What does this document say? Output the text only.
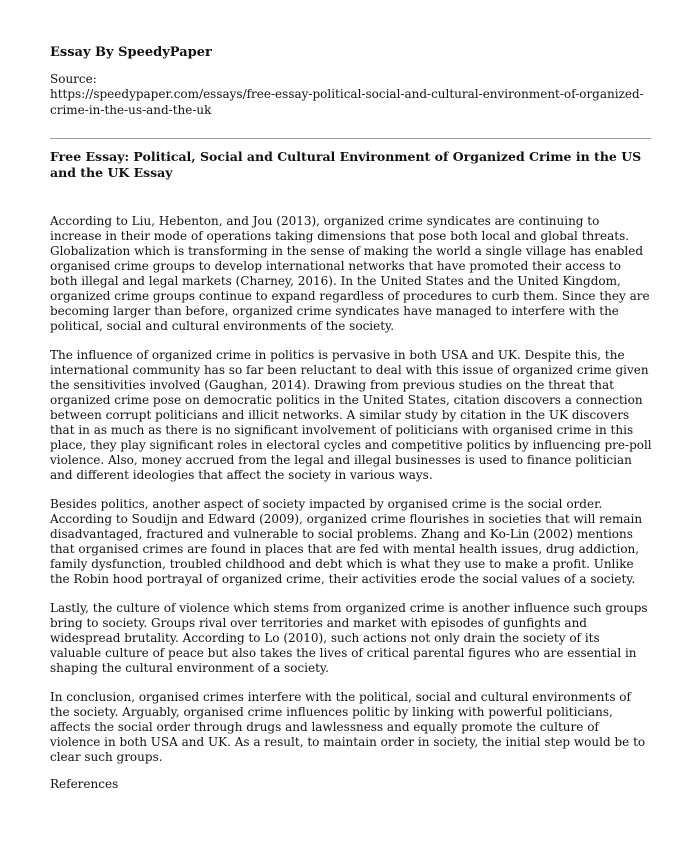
Essay By SpeedyPaper
Source:
https://speedypaper.com/essays/free-essay-political-social-and-cultural-environment-of-organized-crime-in-the-us-and-the-uk
Free Essay: Political, Social and Cultural Environment of Organized Crime in the US and the UK Essay

According to Liu, Hebenton, and Jou (2013), organized crime syndicates are continuing to increase in their mode of operations taking dimensions that pose both local and global threats. Globalization which is transforming in the sense of making the world a single village has enabled organised crime groups to develop international networks that have promoted their access to both illegal and legal markets (Charney, 2016). In the United States and the United Kingdom, organized crime groups continue to expand regardless of procedures to curb them. Since they are becoming larger than before, organized crime syndicates have managed to interfere with the political, social and cultural environments of the society.

The influence of organized crime in politics is pervasive in both USA and UK. Despite this, the international community has so far been reluctant to deal with this issue of organized crime given the sensitivities involved (Gaughan, 2014). Drawing from previous studies on the threat that organized crime pose on democratic politics in the United States, citation discovers a connection between corrupt politicians and illicit networks. A similar study by citation in the UK discovers that in as much as there is no significant involvement of politicians with organised crime in this place, they play significant roles in electoral cycles and competitive politics by influencing pre-poll violence. Also, money accrued from the legal and illegal businesses is used to finance politician and different ideologies that affect the society in various ways.

Besides politics, another aspect of society impacted by organised crime is the social order. According to Soudijn and Edward (2009), organized crime flourishes in societies that will remain disadvantaged, fractured and vulnerable to social problems. Zhang and Ko-Lin (2002) mentions that organised crimes are found in places that are fed with mental health issues, drug addiction, family dysfunction, troubled childhood and debt which is what they use to make a profit. Unlike the Robin hood portrayal of organized crime, their activities erode the social values of a society.

Lastly, the culture of violence which stems from organized crime is another influence such groups bring to society. Groups rival over territories and market with episodes of gunfights and widespread brutality. According to Lo (2010), such actions not only drain the society of its valuable culture of peace but also takes the lives of critical parental figures who are essential in shaping the cultural environment of a society.

In conclusion, organised crimes interfere with the political, social and cultural environments of the society. Arguably, organised crime influences politic by linking with powerful politicians, affects the social order through drugs and lawlessness and equally promote the culture of violence in both USA and UK. As a result, to maintain order in society, the initial step would be to clear such groups.

References
